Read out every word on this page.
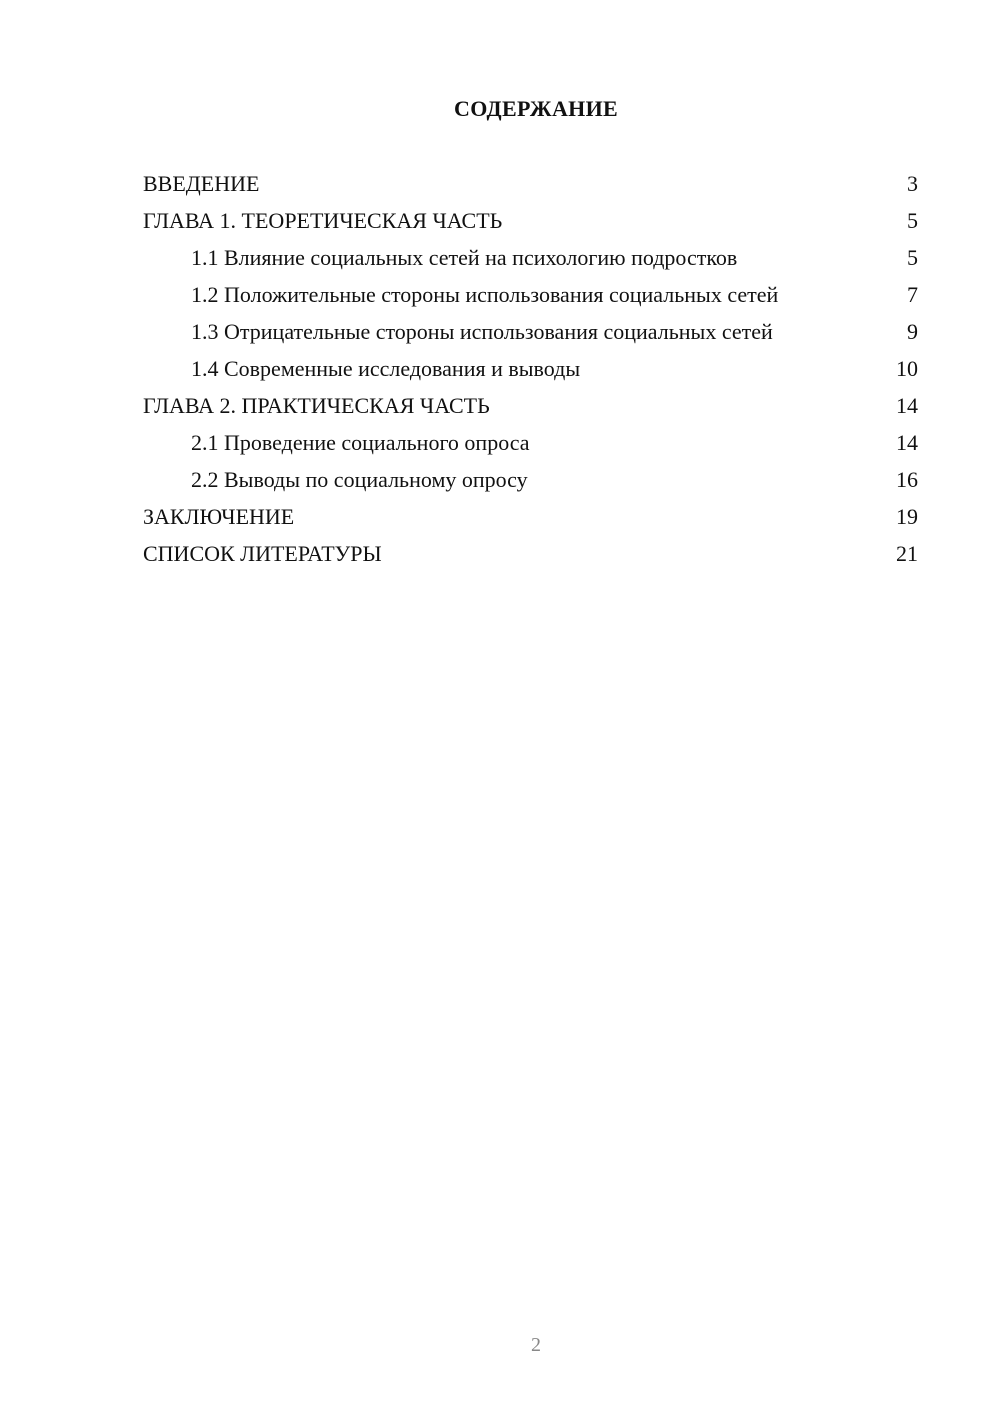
СОДЕРЖАНИЕ
ВВЕДЕНИЕ	3
ГЛАВА 1. ТЕОРЕТИЧЕСКАЯ ЧАСТЬ	5
1.1 Влияние социальных сетей на психологию подростков	5
1.2 Положительные стороны использования социальных сетей	7
1.3 Отрицательные стороны использования социальных сетей	9
1.4 Современные исследования и выводы	10
ГЛАВА 2. ПРАКТИЧЕСКАЯ ЧАСТЬ	14
2.1 Проведение социального опроса	14
2.2 Выводы по социальному опросу	16
ЗАКЛЮЧЕНИЕ	19
СПИСОК ЛИТЕРАТУРЫ	21
2
